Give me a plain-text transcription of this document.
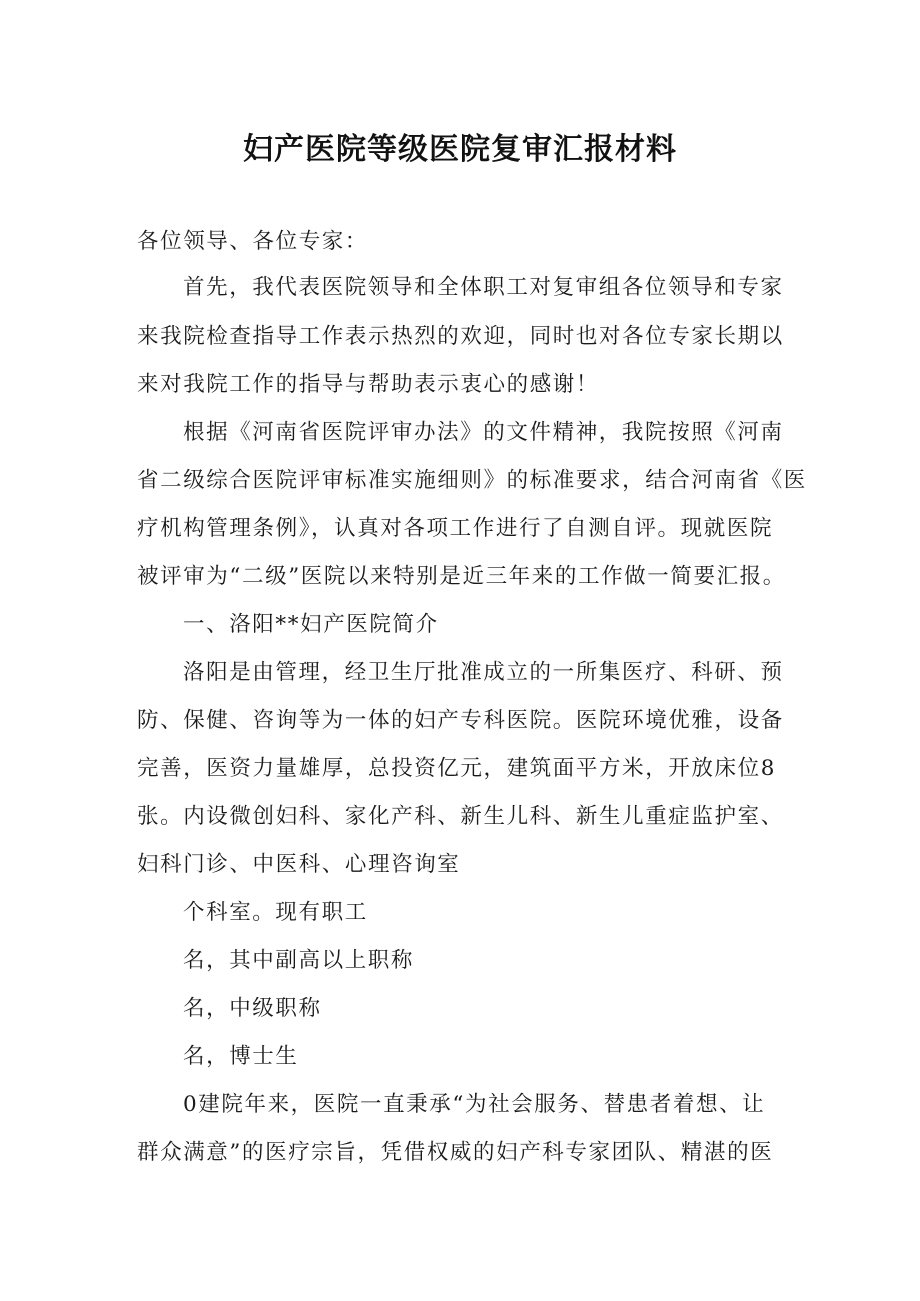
妇产医院等级医院复审汇报材料

各位领导、各位专家：

首先，我代表医院领导和全体职工对复审组各位领导和专家

来我院检查指导工作表示热烈的欢迎，同时也对各位专家长期以

来对我院工作的指导与帮助表示衷心的感谢！

根据《河南省医院评审办法》的文件精神，我院按照《河南

省二级综合医院评审标准实施细则》的标准要求，结合河南省《医

疗机构管理条例》，认真对各项工作进行了自测自评。现就医院

被评审为“二级”医院以来特别是近三年来的工作做一简要汇报。

一、洛阳**妇产医院简介

洛阳是由管理，经卫生厅批准成立的一所集医疗、科研、预

防、保健、咨询等为一体的妇产专科医院。医院环境优雅，设备

完善，医资力量雄厚，总投资亿元，建筑面平方米，开放床位8

张。内设微创妇科、家化产科、新生儿科、新生儿重症监护室、

妇科门诊、中医科、心理咨询室

个科室。现有职工

名，其中副高以上职称

名，中级职称

名，博士生

0建院年来，医院一直秉承“为社会服务、替患者着想、让

群众满意”的医疗宗旨，凭借权威的妇产科专家团队、精湛的医
